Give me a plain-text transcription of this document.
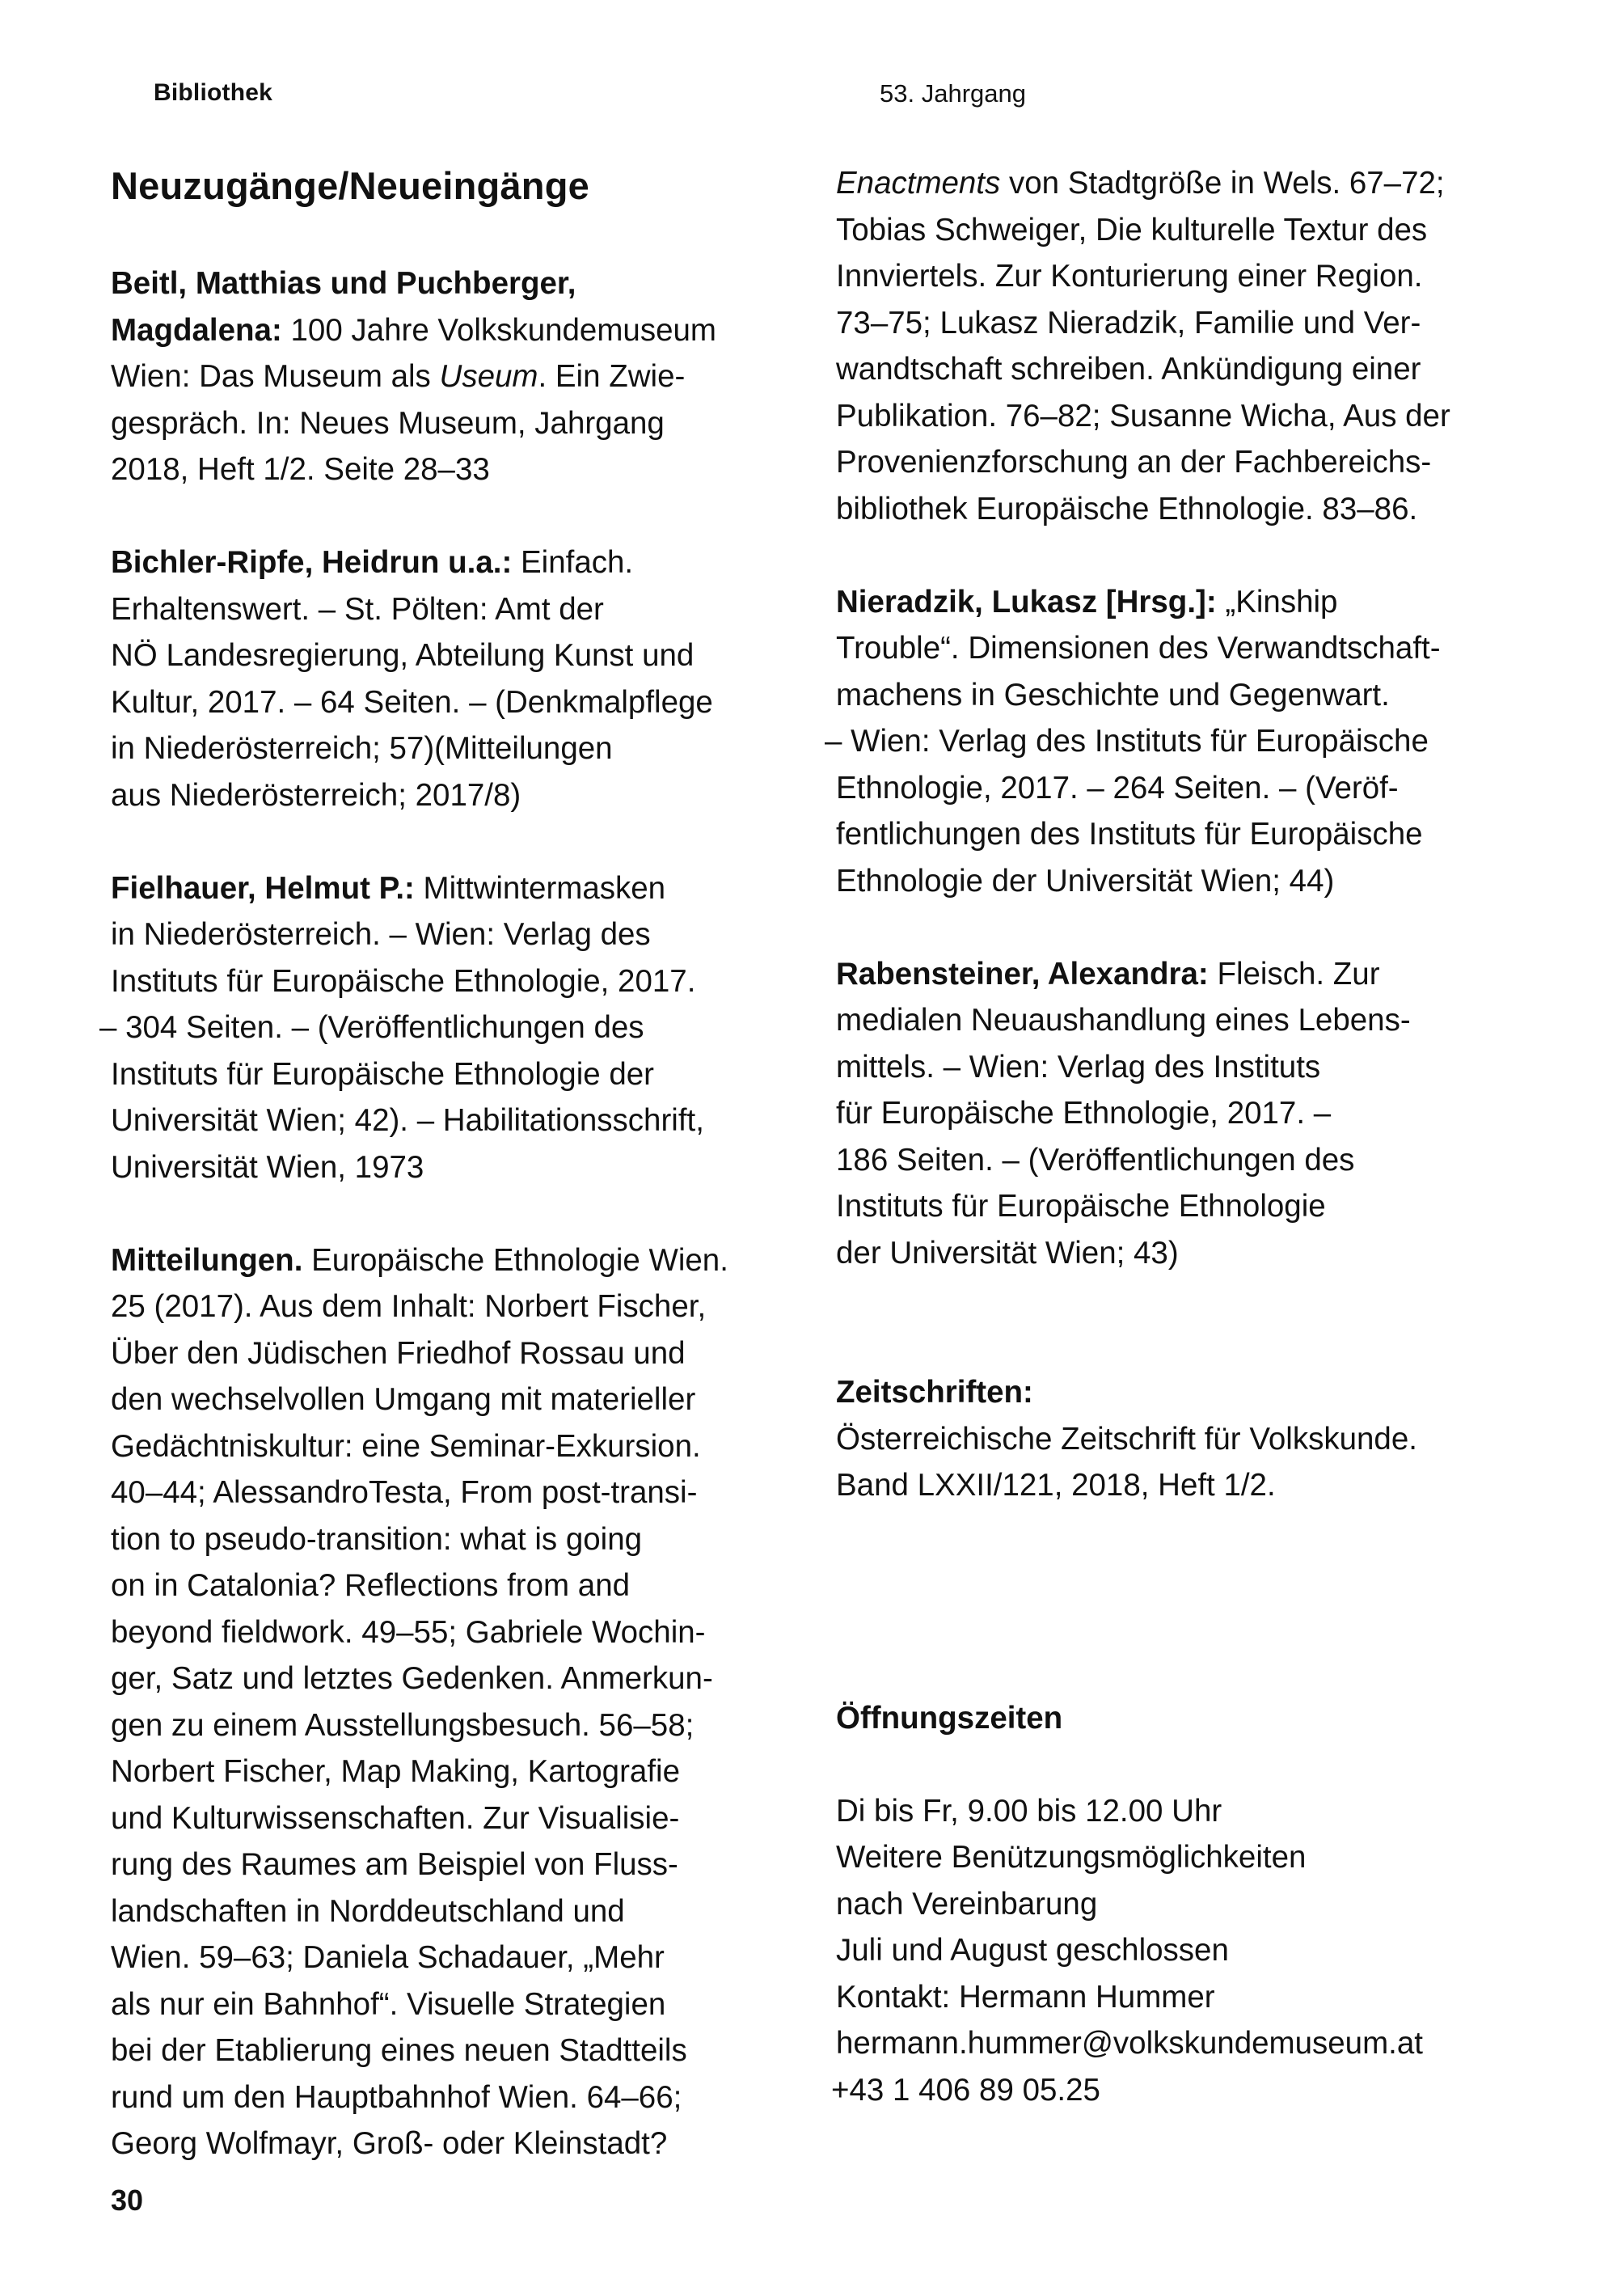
Bibliothek	53. Jahrgang
Neuzugänge/Neueingänge
Beitl, Matthias und Puchberger,
Magdalena: 100 Jahre Volkskundemuseum
Wien: Das Museum als Useum. Ein Zwie-
gespräch. In: Neues Museum, Jahrgang
2018, Heft 1/2. Seite 28–33
Bichler-Ripfe, Heidrun u.a.: Einfach.
Erhaltenswert. – St. Pölten: Amt der
NÖ Landesregierung, Abteilung Kunst und
Kultur, 2017. – 64 Seiten. – (Denkmalpflege
in Niederösterreich; 57)(Mitteilungen
aus Niederösterreich; 2017/8)
Fielhauer, Helmut P.: Mittwintermasken
in Niederösterreich. – Wien: Verlag des
Instituts für Europäische Ethnologie, 2017.
– 304 Seiten. – (Veröffentlichungen des
Instituts für Europäische Ethnologie der
Universität Wien; 42). – Habilitationsschrift,
Universität Wien, 1973
Mitteilungen. Europäische Ethnologie Wien.
25 (2017). Aus dem Inhalt: Norbert Fischer,
Über den Jüdischen Friedhof Rossau und
den wechselvollen Umgang mit materieller
Gedächtniskultur: eine Seminar-Exkursion.
40–44; AlessandroTesta, From post-transi-
tion to pseudo-transition: what is going
on in Catalonia? Reflections from and
beyond fieldwork. 49–55; Gabriele Wochin-
ger, Satz und letztes Gedenken. Anmerkun-
gen zu einem Ausstellungsbesuch. 56–58;
Norbert Fischer, Map Making, Kartografie
und Kulturwissenschaften. Zur Visualisie-
rung des Raumes am Beispiel von Fluss-
landschaften in Norddeutschland und
Wien. 59–63; Daniela Schadauer, „Mehr
als nur ein Bahnhof“. Visuelle Strategien
bei der Etablierung eines neuen Stadtteils
rund um den Hauptbahnhof Wien. 64–66;
Georg Wolfmayr, Groß- oder Kleinstadt?
Enactments von Stadtgröße in Wels. 67–72;
Tobias Schweiger, Die kulturelle Textur des
Innviertels. Zur Konturierung einer Region.
73–75; Lukasz Nieradzik, Familie und Ver-
wandtschaft schreiben. Ankündigung einer
Publikation. 76–82; Susanne Wicha, Aus der
Provenienzforschung an der Fachbereichs-
bibliothek Europäische Ethnologie. 83–86.
Nieradzik, Lukasz [Hrsg.]: „Kinship
Trouble“. Dimensionen des Verwandtschaft-
machens in Geschichte und Gegenwart.
– Wien: Verlag des Instituts für Europäische
Ethnologie, 2017. – 264 Seiten. – (Veröf-
fentlichungen des Instituts für Europäische
Ethnologie der Universität Wien; 44)
Rabensteiner, Alexandra: Fleisch. Zur
medialen Neuaushandlung eines Lebens-
mittels. – Wien: Verlag des Instituts
für Europäische Ethnologie, 2017. –
186 Seiten. – (Veröffentlichungen des
Instituts für Europäische Ethnologie
der Universität Wien; 43)
Zeitschriften:
Österreichische Zeitschrift für Volkskunde.
Band LXXII/121, 2018, Heft 1/2.
Öffnungszeiten
Di bis Fr, 9.00 bis 12.00 Uhr
Weitere Benützungsmöglichkeiten
nach Vereinbarung
Juli und August geschlossen
Kontakt: Hermann Hummer
hermann.hummer@volkskundemuseum.at
+43 1 406 89 05.25
30
